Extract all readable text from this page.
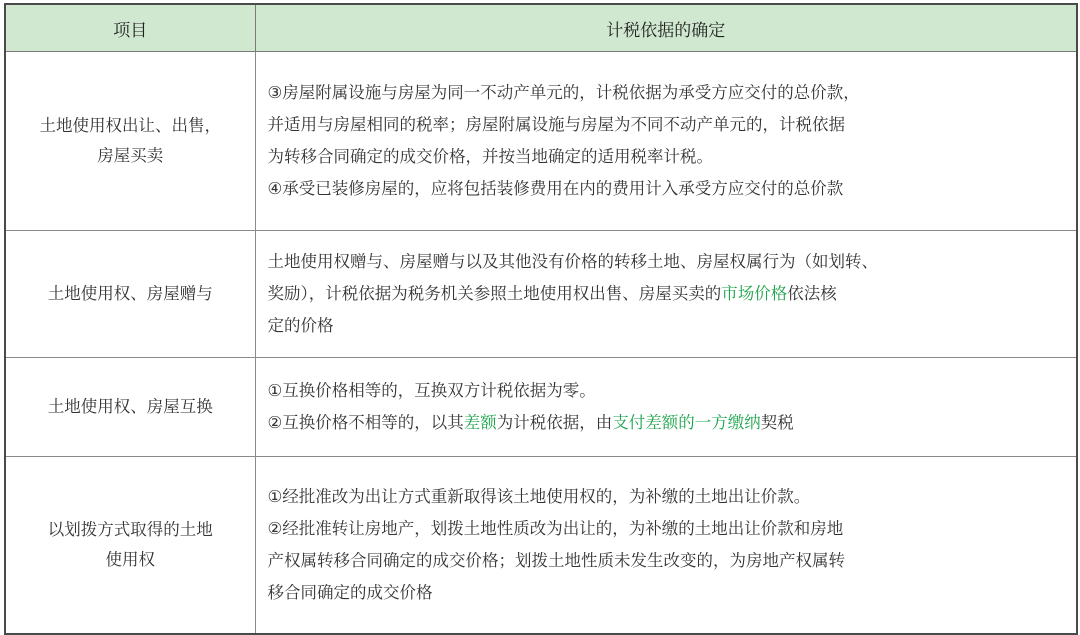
项目	计税依据的确定

土地使用权出让、出售，
房屋买卖	③房屋附属设施与房屋为同一不动产单元的，计税依据为承受方应交付的总价款，
并适用与房屋相同的税率；房屋附属设施与房屋为不同不动产单元的，计税依据
为转移合同确定的成交价格，并按当地确定的适用税率计税。
④承受已装修房屋的，应将包括装修费用在内的费用计入承受方应交付的总价款

土地使用权、房屋赠与	土地使用权赠与、房屋赠与以及其他没有价格的转移土地、房屋权属行为（如划转、
奖励），计税依据为税务机关参照土地使用权出售、房屋买卖的市场价格依法核
定的价格

土地使用权、房屋互换	①互换价格相等的，互换双方计税依据为零。
②互换价格不相等的，以其差额为计税依据，由支付差额的一方缴纳契税

以划拨方式取得的土地
使用权	①经批准改为出让方式重新取得该土地使用权的，为补缴的土地出让价款。
②经批准转让房地产，划拨土地性质改为出让的，为补缴的土地出让价款和房地
产权属转移合同确定的成交价格；划拨土地性质未发生改变的，为房地产权属转
移合同确定的成交价格
